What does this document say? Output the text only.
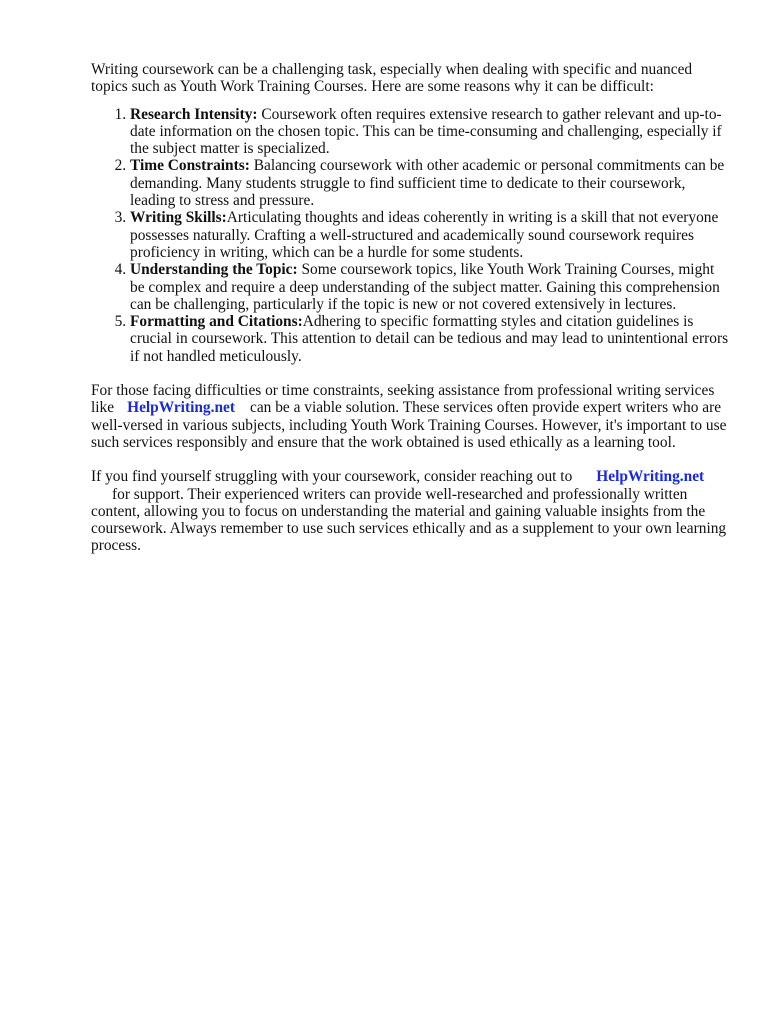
Writing coursework can be a challenging task, especially when dealing with specific and nuanced topics such as Youth Work Training Courses. Here are some reasons why it can be difficult:

1. Research Intensity: Coursework often requires extensive research to gather relevant and up-to-date information on the chosen topic. This can be time-consuming and challenging, especially if the subject matter is specialized.
2. Time Constraints: Balancing coursework with other academic or personal commitments can be demanding. Many students struggle to find sufficient time to dedicate to their coursework, leading to stress and pressure.
3. Writing Skills:Articulating thoughts and ideas coherently in writing is a skill that not everyone possesses naturally. Crafting a well-structured and academically sound coursework requires proficiency in writing, which can be a hurdle for some students.
4. Understanding the Topic: Some coursework topics, like Youth Work Training Courses, might be complex and require a deep understanding of the subject matter. Gaining this comprehension can be challenging, particularly if the topic is new or not covered extensively in lectures.
5. Formatting and Citations:Adhering to specific formatting styles and citation guidelines is crucial in coursework. This attention to detail can be tedious and may lead to unintentional errors if not handled meticulously.

For those facing difficulties or time constraints, seeking assistance from professional writing services like HelpWriting.net can be a viable solution. These services often provide expert writers who are well-versed in various subjects, including Youth Work Training Courses. However, it's important to use such services responsibly and ensure that the work obtained is used ethically as a learning tool.

If you find yourself struggling with your coursework, consider reaching out to HelpWriting.net
for support. Their experienced writers can provide well-researched and professionally written content, allowing you to focus on understanding the material and gaining valuable insights from the coursework. Always remember to use such services ethically and as a supplement to your own learning process.
